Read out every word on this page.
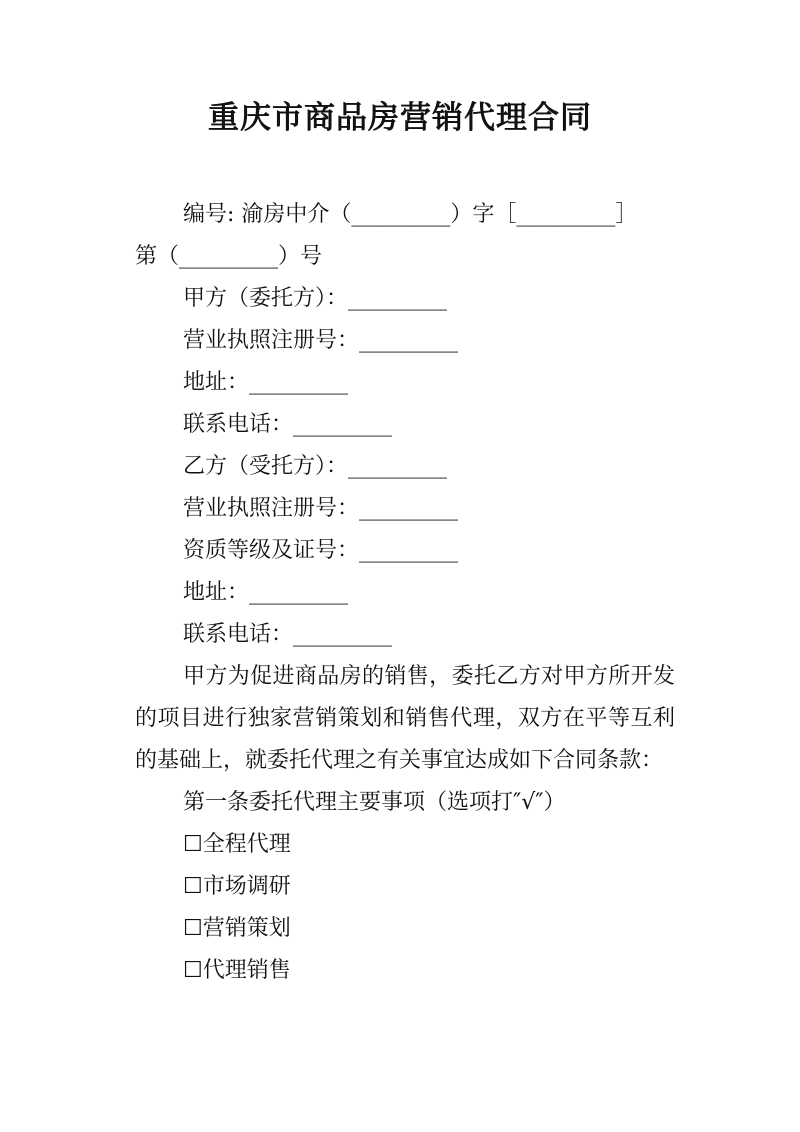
重庆市商品房营销代理合同
编号: 渝房中介（_________）字［_________］
第（_________）号
甲方（委托方）：_________
营业执照注册号：_________
地址：_________
联系电话：_________
乙方（受托方）：_________
营业执照注册号：_________
资质等级及证号：_________
地址：_________
联系电话：_________

甲方为促进商品房的销售，委托乙方对甲方所开发的项目进行独家营销策划和销售代理，双方在平等互利的基础上，就委托代理之有关事宜达成如下合同条款：

第一条委托代理主要事项（选项打″√″）
☐全程代理
☐市场调研
☐营销策划
☐代理销售
